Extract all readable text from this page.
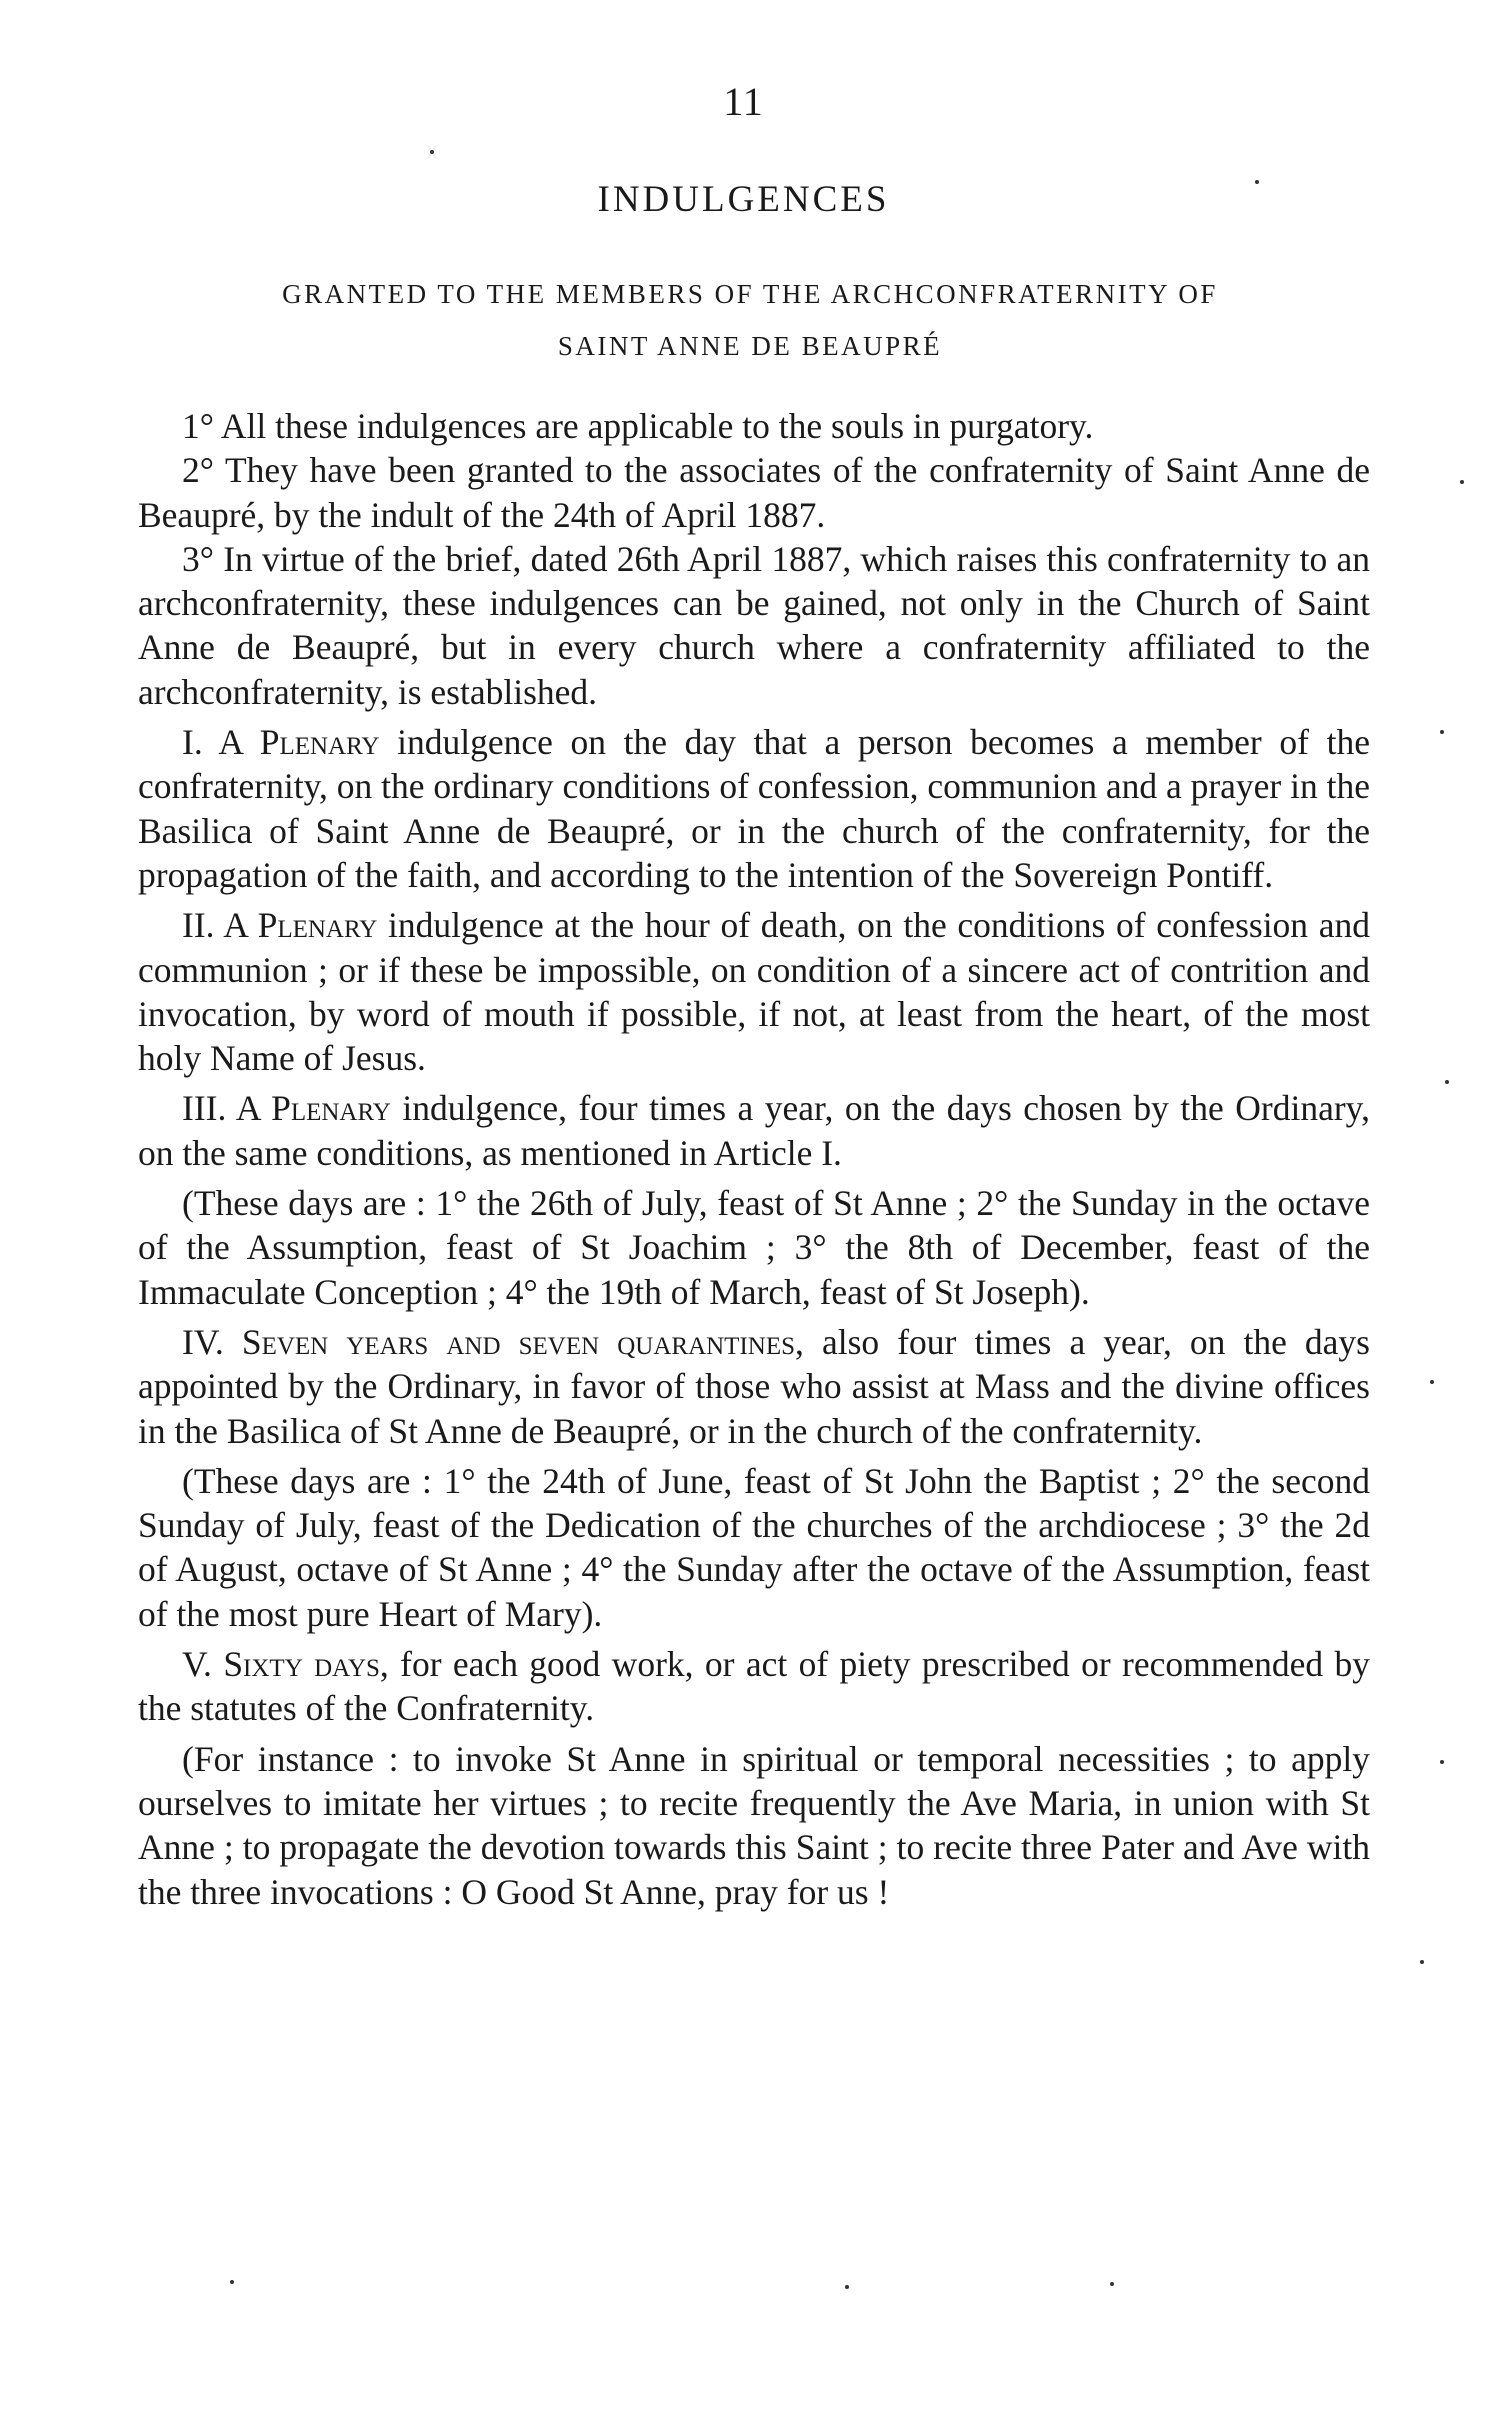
11
INDULGENCES
GRANTED TO THE MEMBERS OF THE ARCHCONFRATERNITY OF
SAINT ANNE DE BEAUPRÉ

1° All these indulgences are applicable to the souls in purgatory.

2° They have been granted to the associates of the confraternity of Saint Anne de Beaupré, by the indult of the 24th of April 1887.

3° In virtue of the brief, dated 26th April 1887, which raises this confraternity to an archconfraternity, these indulgences can be gained, not only in the Church of Saint Anne de Beaupré, but in every church where a confraternity affiliated to the archconfraternity, is established.

I. A Plenary indulgence on the day that a person becomes a member of the confraternity, on the ordinary conditions of confession, communion and a prayer in the Basilica of Saint Anne de Beaupré, or in the church of the confraternity, for the propagation of the faith, and according to the intention of the Sovereign Pontiff.

II. A Plenary indulgence at the hour of death, on the conditions of confession and communion ; or if these be impossible, on condition of a sincere act of contrition and invocation, by word of mouth if possible, if not, at least from the heart, of the most holy Name of Jesus.

III. A Plenary indulgence, four times a year, on the days chosen by the Ordinary, on the same conditions, as mentioned in Article I.

(These days are : 1° the 26th of July, feast of St Anne ; 2° the Sunday in the octave of the Assumption, feast of St Joachim ; 3° the 8th of December, feast of the Immaculate Conception ; 4° the 19th of March, feast of St Joseph).

IV. Seven years and seven quarantines, also four times a year, on the days appointed by the Ordinary, in favor of those who assist at Mass and the divine offices in the Basilica of St Anne de Beaupré, or in the church of the confraternity.

(These days are : 1° the 24th of June, feast of St John the Baptist ; 2° the second Sunday of July, feast of the Dedication of the churches of the archdiocese ; 3° the 2d of August, octave of St Anne ; 4° the Sunday after the octave of the Assumption, feast of the most pure Heart of Mary).

V. Sixty days, for each good work, or act of piety prescribed or recommended by the statutes of the Confraternity.

(For instance : to invoke St Anne in spiritual or temporal necessities ; to apply ourselves to imitate her virtues ; to recite frequently the Ave Maria, in union with St Anne ; to propagate the devotion towards this Saint ; to recite three Pater and Ave with the three invocations : O Good St Anne, pray for us !
